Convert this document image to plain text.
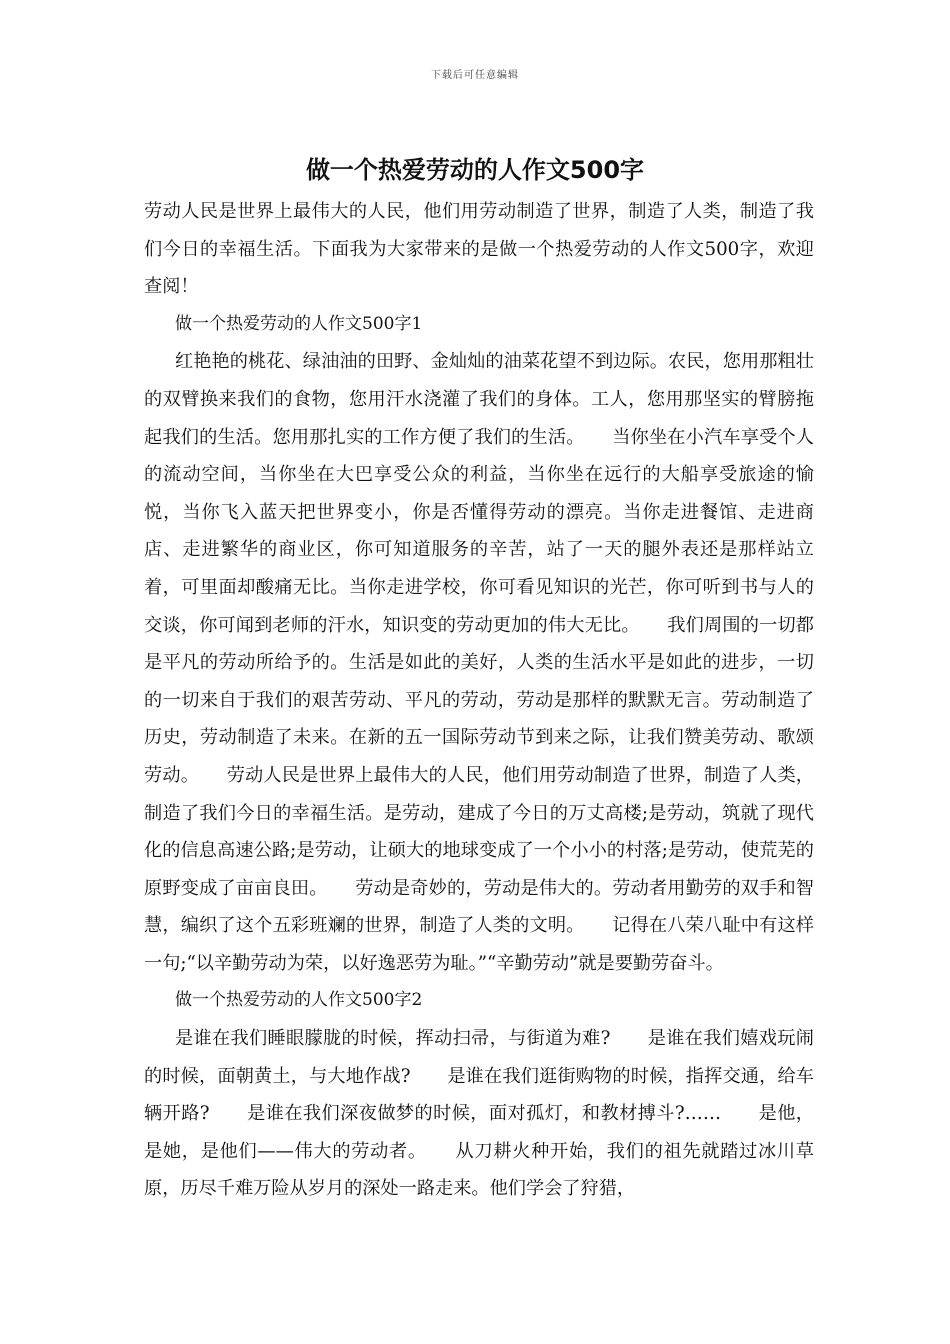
下载后可任意编辑
做一个热爱劳动的人作文500字

劳动人民是世界上最伟大的人民，他们用劳动制造了世界，制造了人类，制造了我们今日的幸福生活。下面我为大家带来的是做一个热爱劳动的人作文500字，欢迎查阅！

做一个热爱劳动的人作文500字1

红艳艳的桃花、绿油油的田野、金灿灿的油菜花望不到边际。农民，您用那粗壮的双臂换来我们的食物，您用汗水浇灌了我们的身体。工人，您用那坚实的臂膀拖起我们的生活。您用那扎实的工作方便了我们的生活。　　当你坐在小汽车享受个人的流动空间，当你坐在大巴享受公众的利益，当你坐在远行的大船享受旅途的愉悦，当你飞入蓝天把世界变小，你是否懂得劳动的漂亮。当你走进餐馆、走进商店、走进繁华的商业区，你可知道服务的辛苦，站了一天的腿外表还是那样站立着，可里面却酸痛无比。当你走进学校，你可看见知识的光芒，你可听到书与人的交谈，你可闻到老师的汗水，知识变的劳动更加的伟大无比。　　我们周围的一切都是平凡的劳动所给予的。生活是如此的美好，人类的生活水平是如此的进步，一切的一切来自于我们的艰苦劳动、平凡的劳动，劳动是那样的默默无言。劳动制造了历史，劳动制造了未来。在新的五一国际劳动节到来之际，让我们赞美劳动、歌颂劳动。　　劳动人民是世界上最伟大的人民，他们用劳动制造了世界，制造了人类，制造了我们今日的幸福生活。是劳动，建成了今日的万丈高楼;是劳动，筑就了现代化的信息高速公路;是劳动，让硕大的地球变成了一个小小的村落;是劳动，使荒芜的原野变成了亩亩良田。　　劳动是奇妙的，劳动是伟大的。劳动者用勤劳的双手和智慧，编织了这个五彩班斓的世界，制造了人类的文明。　　记得在八荣八耻中有这样一句;“以辛勤劳动为荣，以好逸恶劳为耻。”“辛勤劳动”就是要勤劳奋斗。

做一个热爱劳动的人作文500字2

是谁在我们睡眼朦胧的时候，挥动扫帚，与街道为难?　　是谁在我们嬉戏玩闹的时候，面朝黄土，与大地作战?　　是谁在我们逛街购物的时候，指挥交通，给车辆开路?　　是谁在我们深夜做梦的时候，面对孤灯，和教材搏斗?……　　是他，是她，是他们——伟大的劳动者。　　从刀耕火种开始，我们的祖先就踏过冰川草原，历尽千难万险从岁月的深处一路走来。他们学会了狩猎，
